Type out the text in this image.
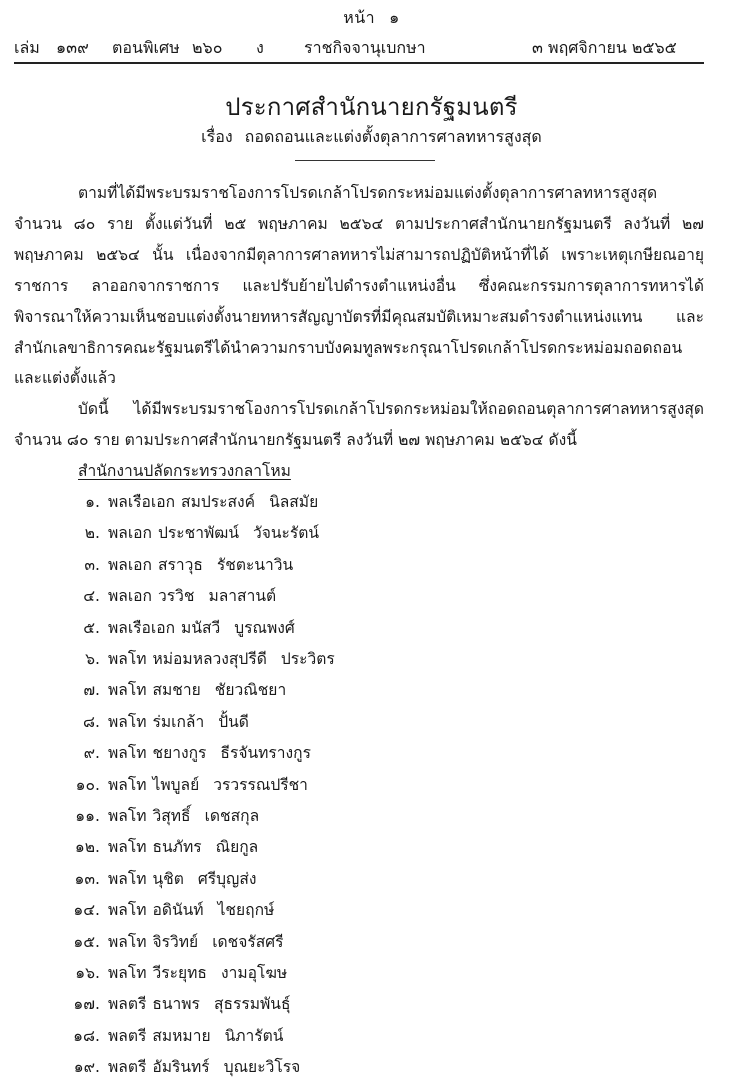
หน้า ๑
เล่ม ๑๓๙ ตอนพิเศษ ๒๖๐ ง	ราชกิจจานุเบกษา	๓ พฤศจิกายน ๒๕๖๕
ประกาศสำนักนายกรัฐมนตรี
เรื่อง ถอดถอนและแต่งตั้งตุลาการศาลทหารสูงสุด

ตามที่ได้มีพระบรมราชโองการโปรดเกล้าโปรดกระหม่อมแต่งตั้งตุลาการศาลทหารสูงสุด จำนวน ๘๐ ราย ตั้งแต่วันที่ ๒๕ พฤษภาคม ๒๕๖๔ ตามประกาศสำนักนายกรัฐมนตรี ลงวันที่ ๒๗ พฤษภาคม ๒๕๖๔ นั้น เนื่องจากมีตุลาการศาลทหารไม่สามารถปฏิบัติหน้าที่ได้ เพราะเหตุเกษียณอายุราชการ ลาออกจากราชการ และปรับย้ายไปดำรงตำแหน่งอื่น ซึ่งคณะกรรมการตุลาการทหารได้พิจารณาให้ความเห็นชอบแต่งตั้งนายทหารสัญญาบัตรที่มีคุณสมบัติเหมาะสมดำรงตำแหน่งแทน และสำนักเลขาธิการคณะรัฐมนตรีได้นำความกราบบังคมทูลพระกรุณาโปรดเกล้าโปรดกระหม่อมถอดถอนและแต่งตั้งแล้ว

บัดนี้ ได้มีพระบรมราชโองการโปรดเกล้าโปรดกระหม่อมให้ถอดถอนตุลาการศาลทหารสูงสุด จำนวน ๘๐ ราย ตามประกาศสำนักนายกรัฐมนตรี ลงวันที่ ๒๗ พฤษภาคม ๒๕๖๔ ดังนี้

สำนักงานปลัดกระทรวงกลาโหม

๑. พลเรือเอก สมประสงค์ นิลสมัย
๒. พลเอก ประชาพัฒน์ วัจนะรัตน์
๓. พลเอก สราวุธ รัชตะนาวิน
๔. พลเอก วรวิช มลาสานต์
๕. พลเรือเอก มนัสวี บูรณพงศ์
๖. พลโท หม่อมหลวงสุปรีดี ประวิตร
๗. พลโท สมชาย ชัยวณิชยา
๘. พลโท ร่มเกล้า ปั้นดี
๙. พลโท ชยางกูร ธีรจันทรางกูร
๑๐. พลโท ไพบูลย์ วรวรรณปรีชา
๑๑. พลโท วิสุทธิ์ เดชสกุล
๑๒. พลโท ธนภัทร ณิยกูล
๑๓. พลโท นุชิต ศรีบุญส่ง
๑๔. พลโท อดินันท์ ไชยฤกษ์
๑๕. พลโท จิรวิทย์ เดชจรัสศรี
๑๖. พลโท วีระยุทธ งามอุโฆษ
๑๗. พลตรี ธนาพร สุธรรมพันธุ์
๑๘. พลตรี สมหมาย นิภารัตน์
๑๙. พลตรี อัมรินทร์ บุณยะวิโรจ
